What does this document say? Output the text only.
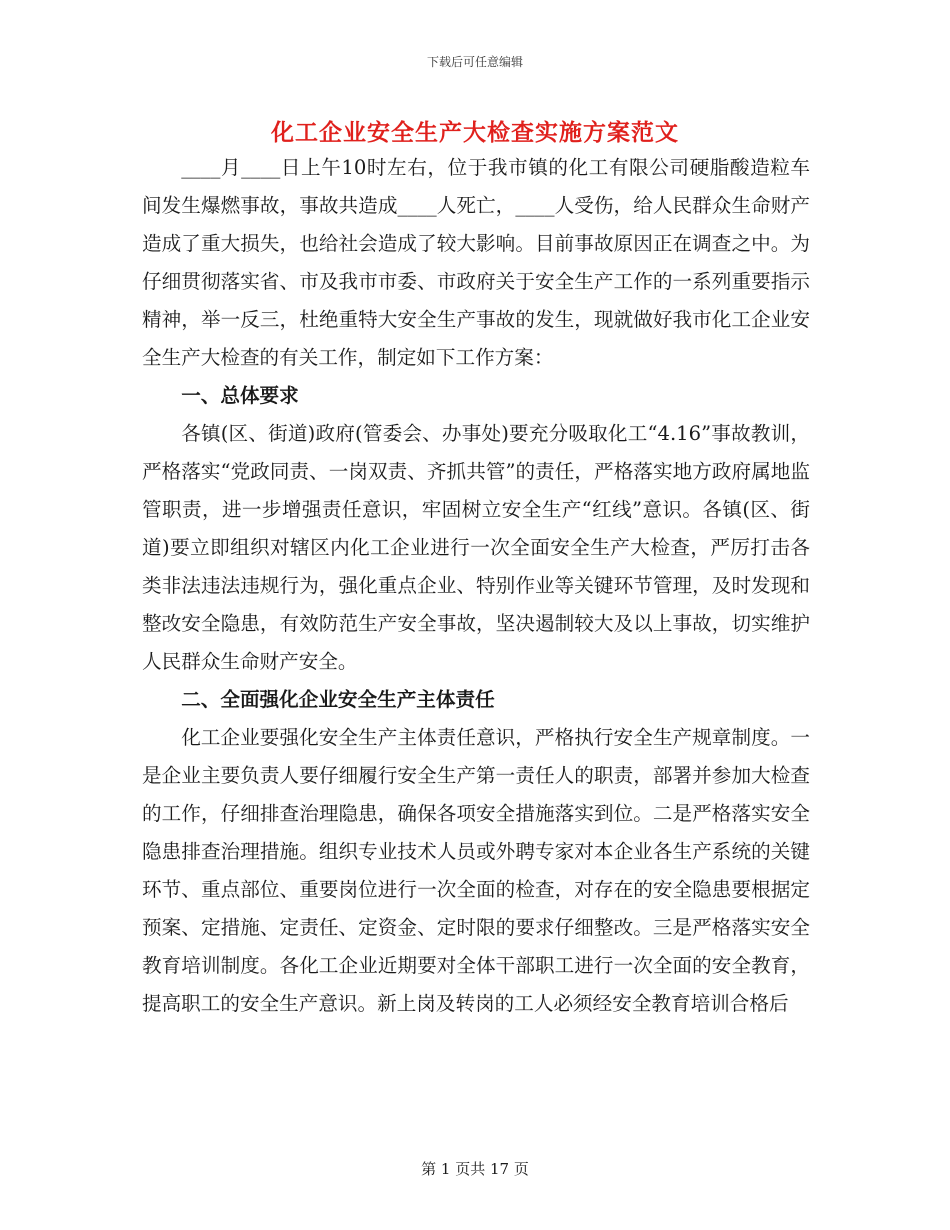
下载后可任意编辑
化工企业安全生产大检查实施方案范文

____月____日上午10时左右，位于我市镇的化工有限公司硬脂酸造粒车间发生爆燃事故，事故共造成____人死亡，____人受伤，给人民群众生命财产造成了重大损失，也给社会造成了较大影响。目前事故原因正在调查之中。为仔细贯彻落实省、市及我市市委、市政府关于安全生产工作的一系列重要指示精神，举一反三，杜绝重特大安全生产事故的发生，现就做好我市化工企业安全生产大检查的有关工作，制定如下工作方案：

一、总体要求

各镇(区、街道)政府(管委会、办事处)要充分吸取化工“4.16”事故教训，严格落实“党政同责、一岗双责、齐抓共管”的责任，严格落实地方政府属地监管职责，进一步增强责任意识，牢固树立安全生产“红线”意识。各镇(区、街道)要立即组织对辖区内化工企业进行一次全面安全生产大检查，严厉打击各类非法违法违规行为，强化重点企业、特别作业等关键环节管理，及时发现和整改安全隐患，有效防范生产安全事故，坚决遏制较大及以上事故，切实维护人民群众生命财产安全。

二、全面强化企业安全生产主体责任

化工企业要强化安全生产主体责任意识，严格执行安全生产规章制度。一是企业主要负责人要仔细履行安全生产第一责任人的职责，部署并参加大检查的工作，仔细排查治理隐患，确保各项安全措施落实到位。二是严格落实安全隐患排查治理措施。组织专业技术人员或外聘专家对本企业各生产系统的关键环节、重点部位、重要岗位进行一次全面的检查，对存在的安全隐患要根据定预案、定措施、定责任、定资金、定时限的要求仔细整改。三是严格落实安全教育培训制度。各化工企业近期要对全体干部职工进行一次全面的安全教育，提高职工的安全生产意识。新上岗及转岗的工人必须经安全教育培训合格后

第 1 页共 17 页
